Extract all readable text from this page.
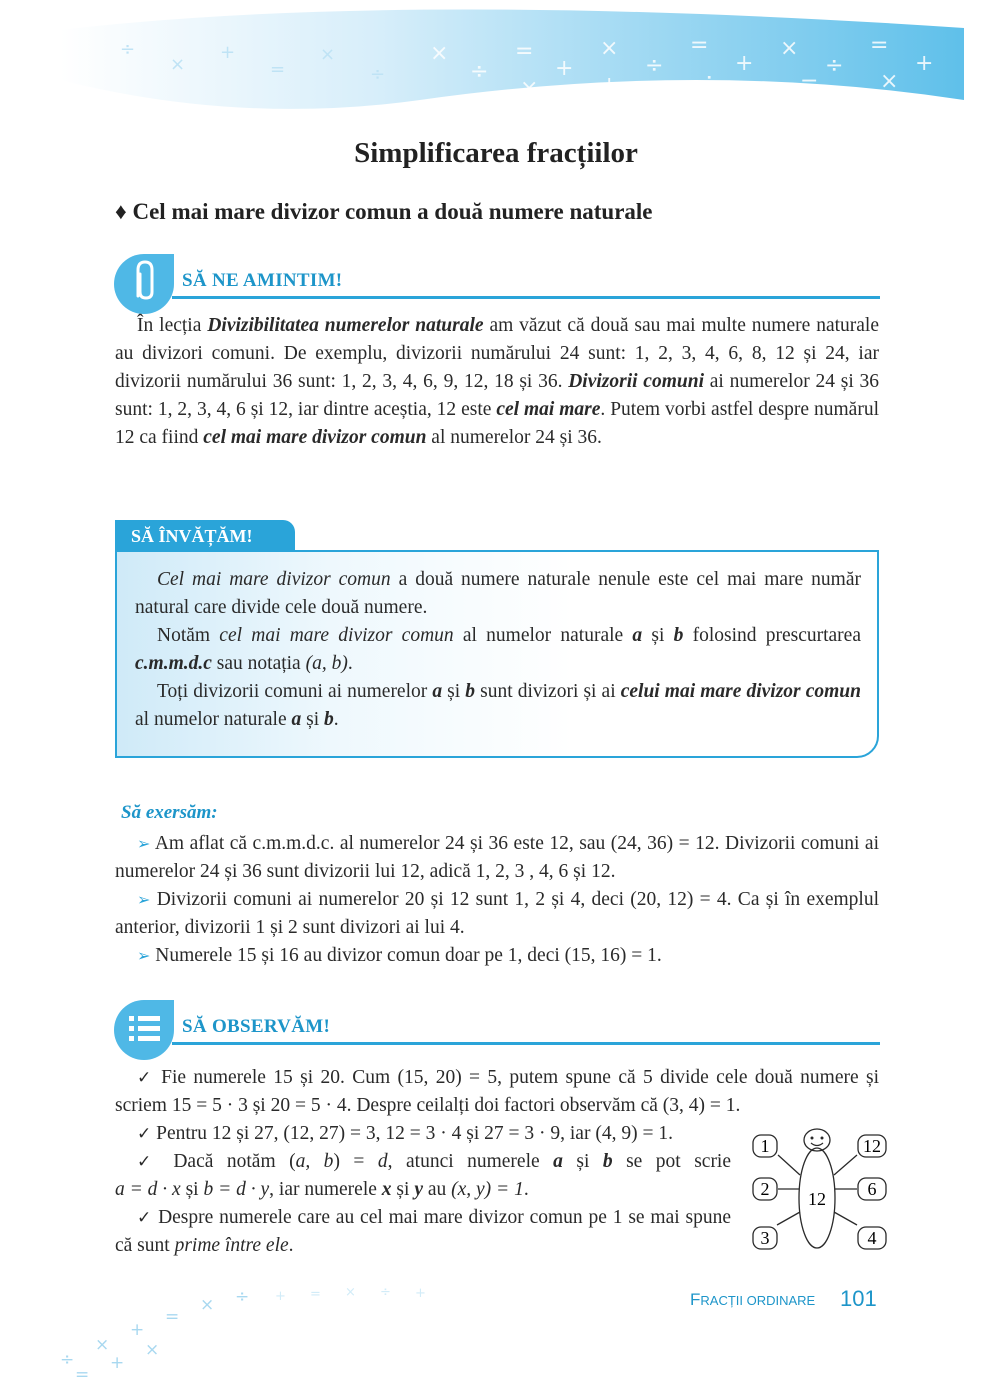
×
÷
=
+
×
÷
=
+
×
÷
=
+
×	+	÷	=	×
÷
×
+
=
×
÷
÷
×
+
=
× ÷
=
+
×
+ = × ÷ +
Simplificarea fracțiilor
♦ Cel mai mare divizor comun a două numere naturale
SĂ NE AMINTIM!

În lecția Divizibilitatea numerelor naturale am văzut că două sau mai multe numere naturale au divizori comuni. De exemplu, divizorii numărului 24 sunt: 1, 2, 3, 4, 6, 8, 12 și 24, iar divizorii numărului 36 sunt: 1, 2, 3, 4, 6, 9, 12, 18 și 36. Divizorii comuni ai numerelor 24 și 36 sunt: 1, 2, 3, 4, 6 și 12, iar dintre aceștia, 12 este cel mai mare. Putem vorbi astfel despre numărul 12 ca fiind cel mai mare divizor comun al numerelor 24 și 36.

SĂ ÎNVĂȚĂM!

Cel mai mare divizor comun a două numere naturale nenule este cel mai mare număr natural care divide cele două numere.

Notăm cel mai mare divizor comun al numelor naturale a și b folosind prescurtarea c.m.m.d.c sau notația (a, b).

Toți divizorii comuni ai numerelor a și b sunt divizori și ai celui mai mare divizor comun al numelor naturale a și b.

Să exersăm:

➢ Am aflat că c.m.m.d.c. al numerelor 24 și 36 este 12, sau (24, 36) = 12. Divizorii comuni ai numerelor 24 și 36 sunt divizorii lui 12, adică 1, 2, 3 , 4, 6 și 12.

➢ Divizorii comuni ai numerelor 20 și 12 sunt 1, 2 și 4, deci (20, 12) = 4. Ca și în exemplul anterior, divizorii 1 și 2 sunt divizori ai lui 4.

➢ Numerele 15 și 16 au divizor comun doar pe 1, deci (15, 16) = 1.

SĂ OBSERVĂM!

✓ Fie numerele 15 și 20. Cum (15, 20) = 5, putem spune că 5 divide cele două numere și scriem 15 = 5 · 3 și 20 = 5 · 4. Despre ceilalți doi factori observăm că (3, 4) = 1.

✓ Pentru 12 și 27, (12, 27) = 3, 12 = 3 · 4 și 27 = 3 · 9, iar (4, 9) = 1.

✓ Dacă notăm (a, b) = d, atunci numerele a și b se pot scrie

a = d · x și b = d · y, iar numerele x și y au (x, y) = 1.

✓ Despre numerele care au cel mai mare divizor comun pe 1 se mai spune că sunt prime între ele.

12
1	12
2	6
3	4
FRACȚII ORDINARE 101
